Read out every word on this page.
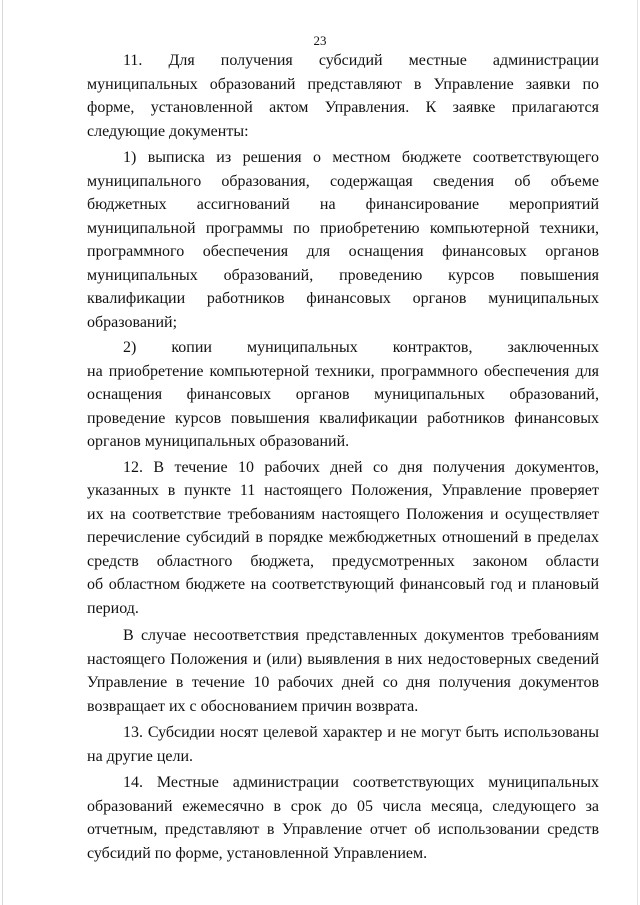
23

11. Для получения субсидий местные администрации

муниципальных образований представляют в Управление заявки по

форме, установленной актом Управления. К заявке прилагаются

следующие документы:

1) выписка из решения о местном бюджете соответствующего

муниципального образования, содержащая сведения об объеме

бюджетных ассигнований на финансирование мероприятий

муниципальной программы по приобретению компьютерной техники,

программного обеспечения для оснащения финансовых органов

муниципальных образований, проведению курсов повышения

квалификации работников финансовых органов муниципальных

образований;

2) копии муниципальных контрактов, заключенных

на приобретение компьютерной техники, программного обеспечения для

оснащения финансовых органов муниципальных образований,

проведение курсов повышения квалификации работников финансовых

органов муниципальных образований.

12. В течение 10 рабочих дней со дня получения документов,

указанных в пункте 11 настоящего Положения, Управление проверяет

их на соответствие требованиям настоящего Положения и осуществляет

перечисление субсидий в порядке межбюджетных отношений в пределах

средств областного бюджета, предусмотренных законом области

об областном бюджете на соответствующий финансовый год и плановый

период.

В случае несоответствия представленных документов требованиям

настоящего Положения и (или) выявления в них недостоверных сведений

Управление в течение 10 рабочих дней со дня получения документов

возвращает их с обоснованием причин возврата.

13. Субсидии носят целевой характер и не могут быть использованы

на другие цели.

14. Местные администрации соответствующих муниципальных

образований ежемесячно в срок до 05 числа месяца, следующего за

отчетным, представляют в Управление отчет об использовании средств

субсидий по форме, установленной Управлением.
